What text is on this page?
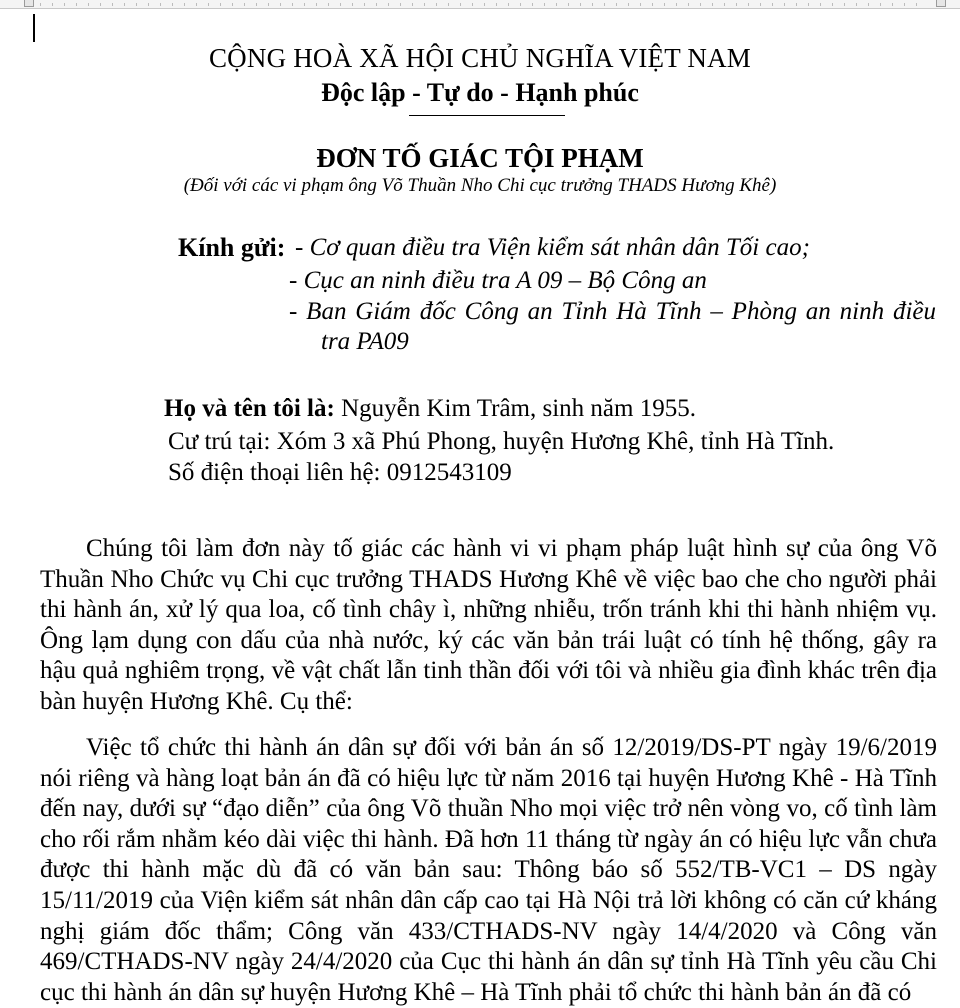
CỘNG HOÀ XÃ HỘI CHỦ NGHĨA VIỆT NAM
Độc lập - Tự do - Hạnh phúc
ĐƠN TỐ GIÁC TỘI PHẠM
(Đối với các vi phạm ông Võ Thuần Nho Chi cục trưởng THADS Hương Khê)
Kính gửi: - Cơ quan điều tra Viện kiểm sát nhân dân Tối cao;
- Cục an ninh điều tra A 09 – Bộ Công an
- Ban Giám đốc Công an Tỉnh Hà Tĩnh – Phòng an ninh điều
tra PA09
Họ và tên tôi là: Nguyễn Kim Trâm, sinh năm 1955.
Cư trú tại: Xóm 3 xã Phú Phong, huyện Hương Khê, tỉnh Hà Tĩnh.
Số điện thoại liên hệ: 0912543109
Chúng tôi làm đơn này tố giác các hành vi vi phạm pháp luật hình sự của ông Võ Thuần Nho Chức vụ Chi cục trưởng THADS Hương Khê về việc bao che cho người phải thi hành án, xử lý qua loa, cố tình chây ì, những nhiễu, trốn tránh khi thi hành nhiệm vụ. Ông lạm dụng con dấu của nhà nước, ký các văn bản trái luật có tính hệ thống, gây ra hậu quả nghiêm trọng, về vật chất lẫn tinh thần đối với tôi và nhiều gia đình khác trên địa bàn huyện Hương Khê. Cụ thể:
Việc tổ chức thi hành án dân sự đối với bản án số 12/2019/DS-PT ngày 19/6/2019 nói riêng và hàng loạt bản án đã có hiệu lực từ năm 2016 tại huyện Hương Khê - Hà Tĩnh đến nay, dưới sự “đạo diễn” của ông Võ thuần Nho mọi việc trở nên vòng vo, cố tình làm cho rối rắm nhằm kéo dài việc thi hành. Đã hơn 11 tháng từ ngày án có hiệu lực vẫn chưa được thi hành mặc dù đã có văn bản sau: Thông báo số 552/TB-VC1 – DS ngày 15/11/2019 của Viện kiểm sát nhân dân cấp cao tại Hà Nội trả lời không có căn cứ kháng nghị giám đốc thẩm; Công văn 433/CTHADS-NV ngày 14/4/2020 và Công văn 469/CTHADS-NV ngày 24/4/2020 của Cục thi hành án dân sự tỉnh Hà Tĩnh yêu cầu Chi cục thi hành án dân sự huyện Hương Khê – Hà Tĩnh phải tổ chức thi hành bản án đã có
